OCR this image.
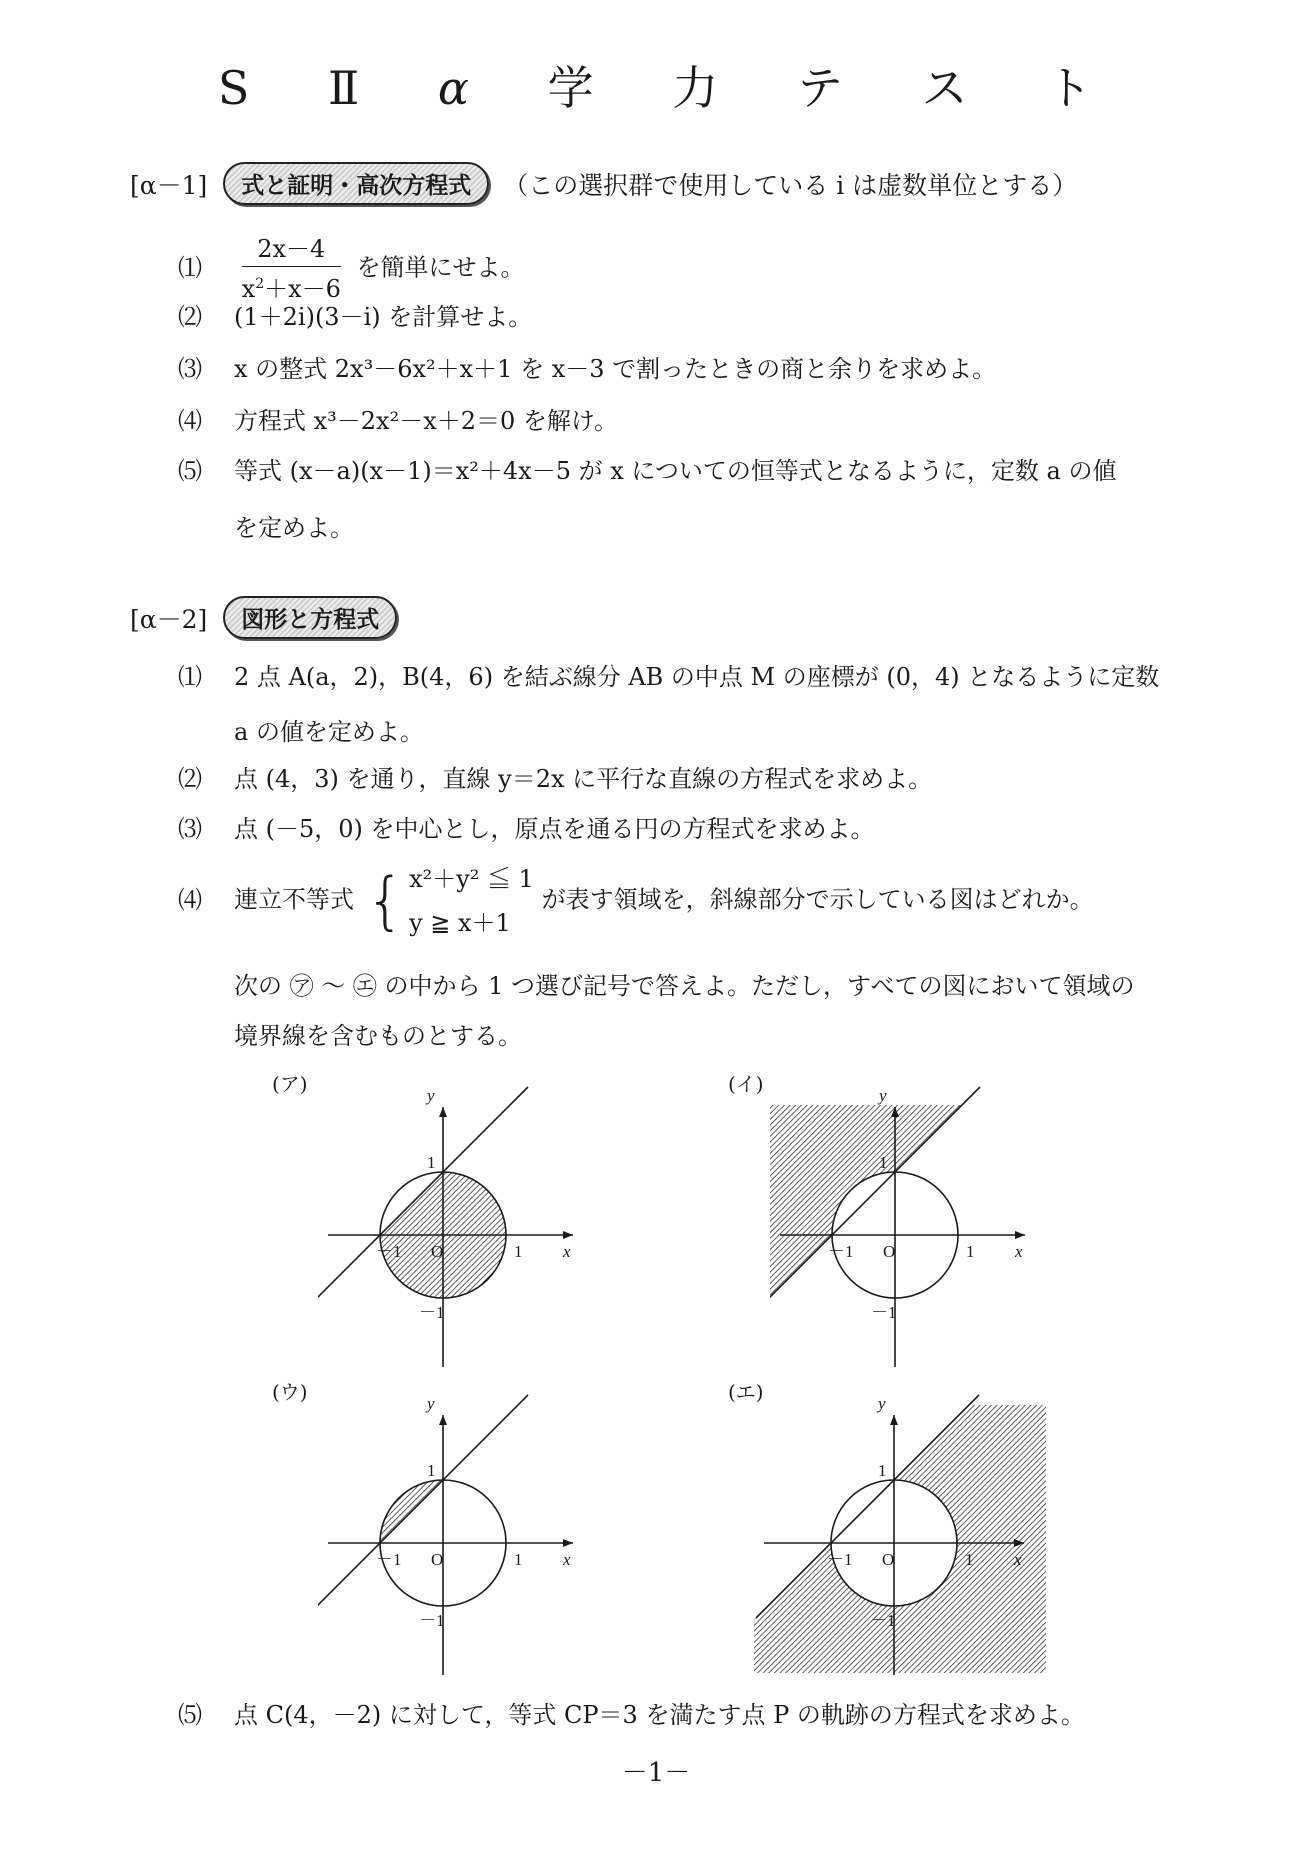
S Ⅱ α 学 力 テ ス ト
[α－1]	式と証明・高次方程式	（この選択群で使用している i は虚数単位とする）
⑴ $\frac{2x-4}{x^2+x-6}$ を簡単にせよ。
⑵ (1＋2i)(3－i) を計算せよ。
⑶ x の整式 2x³－6x²＋x＋1 を x－3 で割ったときの商と余りを求めよ。
⑷ 方程式 x³－2x²－x＋2＝0 を解け。
⑸ 等式 (x－a)(x－1)＝x²＋4x－5 が x についての恒等式となるように，定数 a の値
を定めよ。
[α－2]	図形と方程式
⑴ 2 点 A(a，2)，B(4，6) を結ぶ線分 AB の中点 M の座標が (0，4) となるように定数
a の値を定めよ。
⑵ 点 (4，3) を通り，直線 y＝2x に平行な直線の方程式を求めよ。
⑶ 点 (－5，0) を中心とし，原点を通る円の方程式を求めよ。
⑷ 連立不等式 { x²＋y² ≦ 1
y ≧ x＋1
が表す領域を，斜線部分で示している図はどれか。
次の ㋐ ～ ㋓ の中から 1 つ選び記号で答えよ。ただし，すべての図において領域の
境界線を含むものとする。
(ア)	(イ)
(ウ)	(エ)
y
x
O	1
1
－1
－1
y
x
O	1
1
－1
－1
y
x
O	1
1
－1
－1
y
x
O	1
1
－1
－1
⑸ 点 C(4，－2) に対して，等式 CP＝3 を満たす点 P の軌跡の方程式を求めよ。
－1－
